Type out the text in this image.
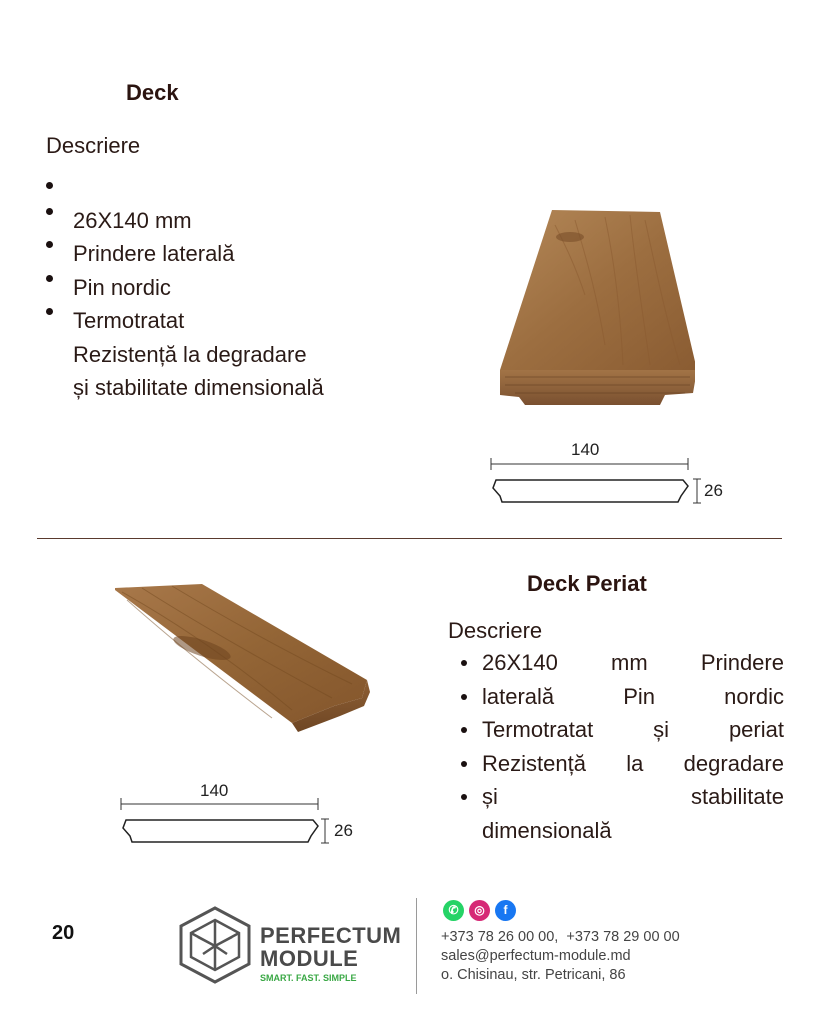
Deck
Descriere
26X140 mm
Prindere laterală
Pin nordic
Termotratat
Rezistență la degradare
și stabilitate dimensională
140
26
Deck Periat
Descriere
26X140 mm Prindere
laterală	Pin	nordic
Termotratat	și	periat
Rezistență la degradare
și	stabilitate
dimensională
140
26
20	PERFECTUM
MODULE
SMART. FAST. SIMPLE
✆	◎	f
+373 78 26 00 00,  +373 78 29 00 00
sales@perfectum-module.md
o. Chisinau, str. Petricani, 86
